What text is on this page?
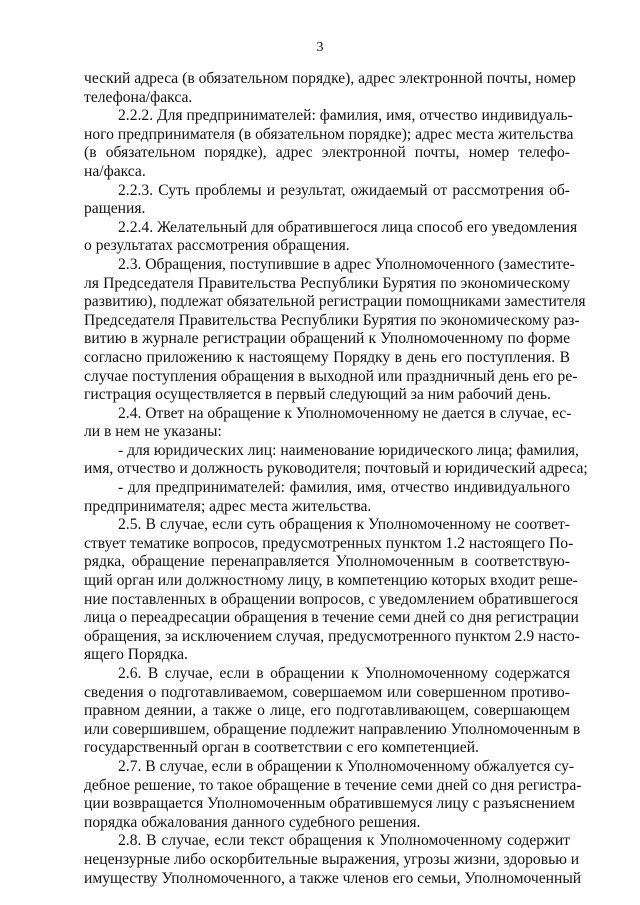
3
ческий адреса (в обязательном порядке), адрес электронной почты, номер
телефона/факса.
2.2.2. Для предпринимателей: фамилия, имя, отчество индивидуаль-
ного предпринимателя (в обязательном порядке); адрес места жительства
(в обязательном порядке), адрес электронной почты, номер телефо-
на/факса.
2.2.3. Суть проблемы и результат, ожидаемый от рассмотрения об-
ращения.
2.2.4. Желательный для обратившегося лица способ его уведомления
о результатах рассмотрения обращения.
2.3. Обращения, поступившие в адрес Уполномоченного (заместите-
ля Председателя Правительства Республики Бурятия по экономическому
развитию), подлежат обязательной регистрации помощниками заместителя
Председателя Правительства Республики Бурятия по экономическому раз-
витию в журнале регистрации обращений к Уполномоченному по форме
согласно приложению к настоящему Порядку в день его поступления. В
случае поступления обращения в выходной или праздничный день его ре-
гистрация осуществляется в первый следующий за ним рабочий день.
2.4. Ответ на обращение к Уполномоченному не дается в случае, ес-
ли в нем не указаны:
- для юридических лиц: наименование юридического лица; фамилия,
имя, отчество и должность руководителя; почтовый и юридический адреса;
- для предпринимателей: фамилия, имя, отчество индивидуального
предпринимателя; адрес места жительства.
2.5. В случае, если суть обращения к Уполномоченному не соответ-
ствует тематике вопросов, предусмотренных пунктом 1.2 настоящего По-
рядка, обращение перенаправляется Уполномоченным в соответствую-
щий орган или должностному лицу, в компетенцию которых входит реше-
ние поставленных в обращении вопросов, с уведомлением обратившегося
лица о переадресации обращения в течение семи дней со дня регистрации
обращения, за исключением случая, предусмотренного пунктом 2.9 насто-
ящего Порядка.
2.6. В случае, если в обращении к Уполномоченному содержатся
сведения о подготавливаемом, совершаемом или совершенном противо-
правном деянии, а также о лице, его подготавливающем, совершающем
или совершившем, обращение подлежит направлению Уполномоченным в
государственный орган в соответствии с его компетенцией.
2.7. В случае, если в обращении к Уполномоченному обжалуется су-
дебное решение, то такое обращение в течение семи дней со дня регистра-
ции возвращается Уполномоченным обратившемуся лицу с разъяснением
порядка обжалования данного судебного решения.
2.8. В случае, если текст обращения к Уполномоченному содержит
нецензурные либо оскорбительные выражения, угрозы жизни, здоровью и
имуществу Уполномоченного, а также членов его семьи, Уполномоченный
